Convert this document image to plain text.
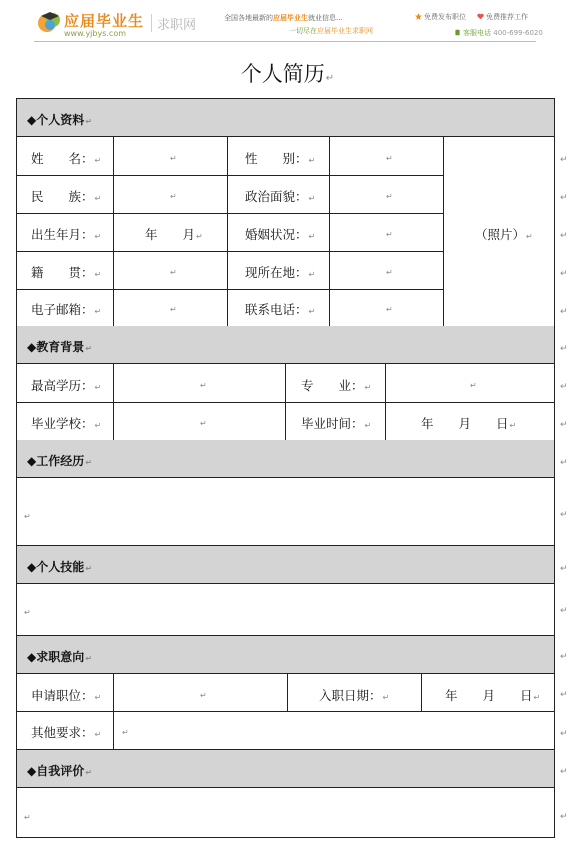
应届毕业生
www.yjbys.com
求职网	全国各地最新的应届毕业生就业信息...
一切尽在应届毕业生求职网
免费发布职位	免费推荐工作
客服电话 400-699-6020
个人简历↵
◆个人资料↵
姓　　名：↵	↵	性　　别：↵	↵
民　　族：↵	↵	政治面貌：↵	↵
出生年月：↵	年　　月↵	婚姻状况：↵	↵	（照片）↵
籍　　贯：↵	↵	现所在地：↵	↵
电子邮箱：↵	↵	联系电话：↵	↵
◆教育背景↵
最高学历：↵	↵	专　　业：↵	↵
毕业学校：↵	↵	毕业时间：↵	年　　月　　日↵
◆工作经历↵
↵
◆个人技能↵
↵
◆求职意向↵
申请职位：↵	↵	入职日期：↵	年　　月　　日↵
其他要求：↵	↵
◆自我评价↵
↵
↵
↵
↵
↵
↵
↵
↵
↵
↵
↵
↵
↵
↵
↵
↵
↵
↵
